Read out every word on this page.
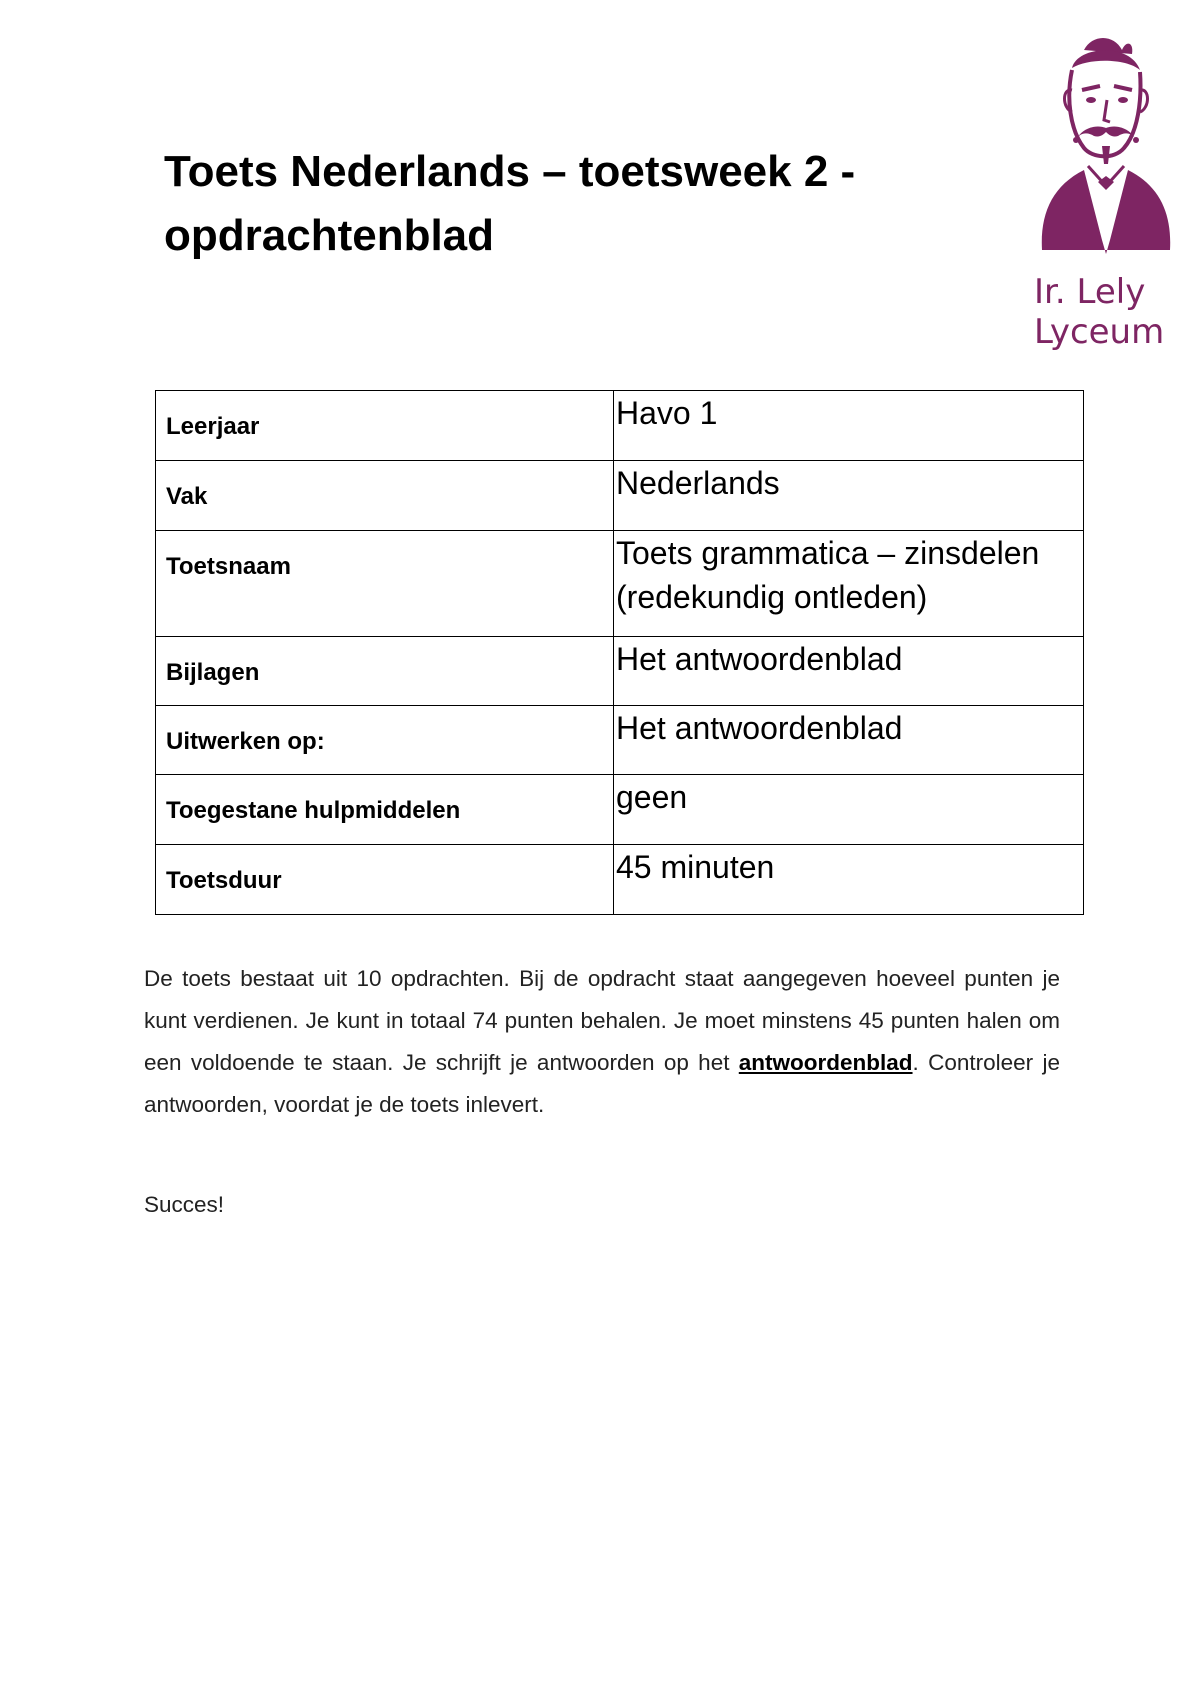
Toets Nederlands – toetsweek 2 -
opdrachtenblad
Ir. Lely
Lyceum
Leerjaar	Havo 1
Vak	Nederlands
Toetsnaam	Toets grammatica – zinsdelen (redekundig ontleden)
Bijlagen	Het antwoordenblad
Uitwerken op:	Het antwoordenblad
Toegestane hulpmiddelen	geen
Toetsduur	45 minuten

De toets bestaat uit 10 opdrachten. Bij de opdracht staat aangegeven hoeveel punten je kunt verdienen. Je kunt in totaal 74 punten behalen. Je moet minstens 45 punten halen om een voldoende te staan. Je schrijft je antwoorden op het antwoordenblad. Controleer je antwoorden, voordat je de toets inlevert.

Succes!
